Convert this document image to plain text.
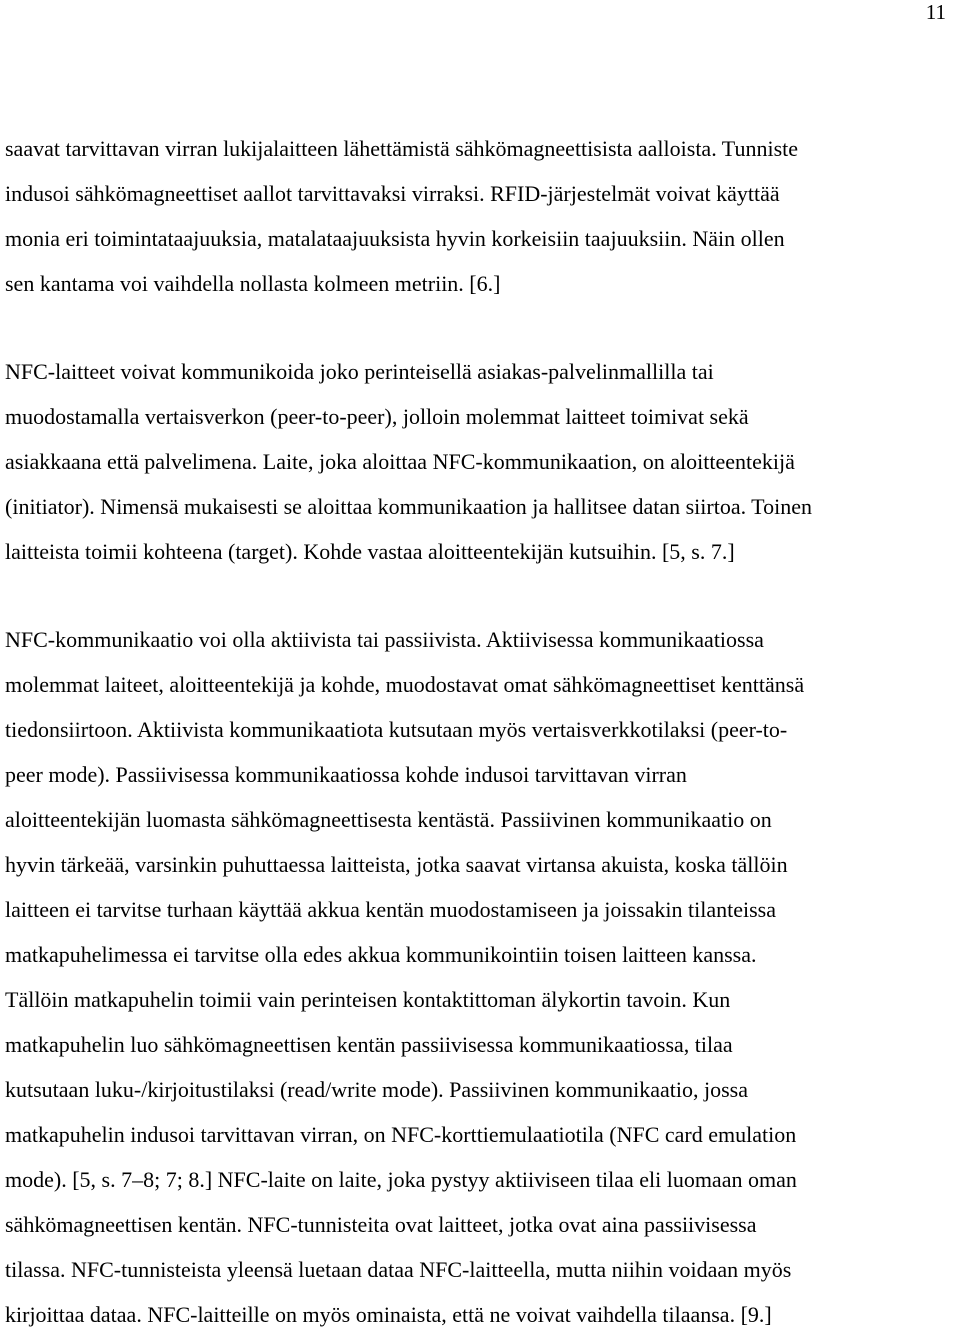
11
saavat tarvittavan virran lukijalaitteen lähettämistä sähkömagneettisista aalloista. Tunniste
indusoi sähkömagneettiset aallot tarvittavaksi virraksi. RFID-järjestelmät voivat käyttää
monia eri toimintataajuuksia, matalataajuuksista hyvin korkeisiin taajuuksiin. Näin ollen
sen kantama voi vaihdella nollasta kolmeen metriin. [6.]
NFC-laitteet voivat kommunikoida joko perinteisellä asiakas-palvelinmallilla tai
muodostamalla vertaisverkon (peer-to-peer), jolloin molemmat laitteet toimivat sekä
asiakkaana että palvelimena. Laite, joka aloittaa NFC-kommunikaation, on aloitteentekijä
(initiator). Nimensä mukaisesti se aloittaa kommunikaation ja hallitsee datan siirtoa. Toinen
laitteista toimii kohteena (target). Kohde vastaa aloitteentekijän kutsuihin. [5, s. 7.]
NFC-kommunikaatio voi olla aktiivista tai passiivista. Aktiivisessa kommunikaatiossa
molemmat laiteet, aloitteentekijä ja kohde, muodostavat omat sähkömagneettiset kenttänsä
tiedonsiirtoon. Aktiivista kommunikaatiota kutsutaan myös vertaisverkkotilaksi (peer-to-
peer mode). Passiivisessa kommunikaatiossa kohde indusoi tarvittavan virran
aloitteentekijän luomasta sähkömagneettisesta kentästä. Passiivinen kommunikaatio on
hyvin tärkeää, varsinkin puhuttaessa laitteista, jotka saavat virtansa akuista, koska tällöin
laitteen ei tarvitse turhaan käyttää akkua kentän muodostamiseen ja joissakin tilanteissa
matkapuhelimessa ei tarvitse olla edes akkua kommunikointiin toisen laitteen kanssa.
Tällöin matkapuhelin toimii vain perinteisen kontaktittoman älykortin tavoin. Kun
matkapuhelin luo sähkömagneettisen kentän passiivisessa kommunikaatiossa, tilaa
kutsutaan luku-/kirjoitustilaksi (read/write mode). Passiivinen kommunikaatio, jossa
matkapuhelin indusoi tarvittavan virran, on NFC-korttiemulaatiotila (NFC card emulation
mode). [5, s. 7–8; 7; 8.] NFC-laite on laite, joka pystyy aktiiviseen tilaa eli luomaan oman
sähkömagneettisen kentän. NFC-tunnisteita ovat laitteet, jotka ovat aina passiivisessa
tilassa. NFC-tunnisteista yleensä luetaan dataa NFC-laitteella, mutta niihin voidaan myös
kirjoittaa dataa. NFC-laitteille on myös ominaista, että ne voivat vaihdella tilaansa. [9.]
